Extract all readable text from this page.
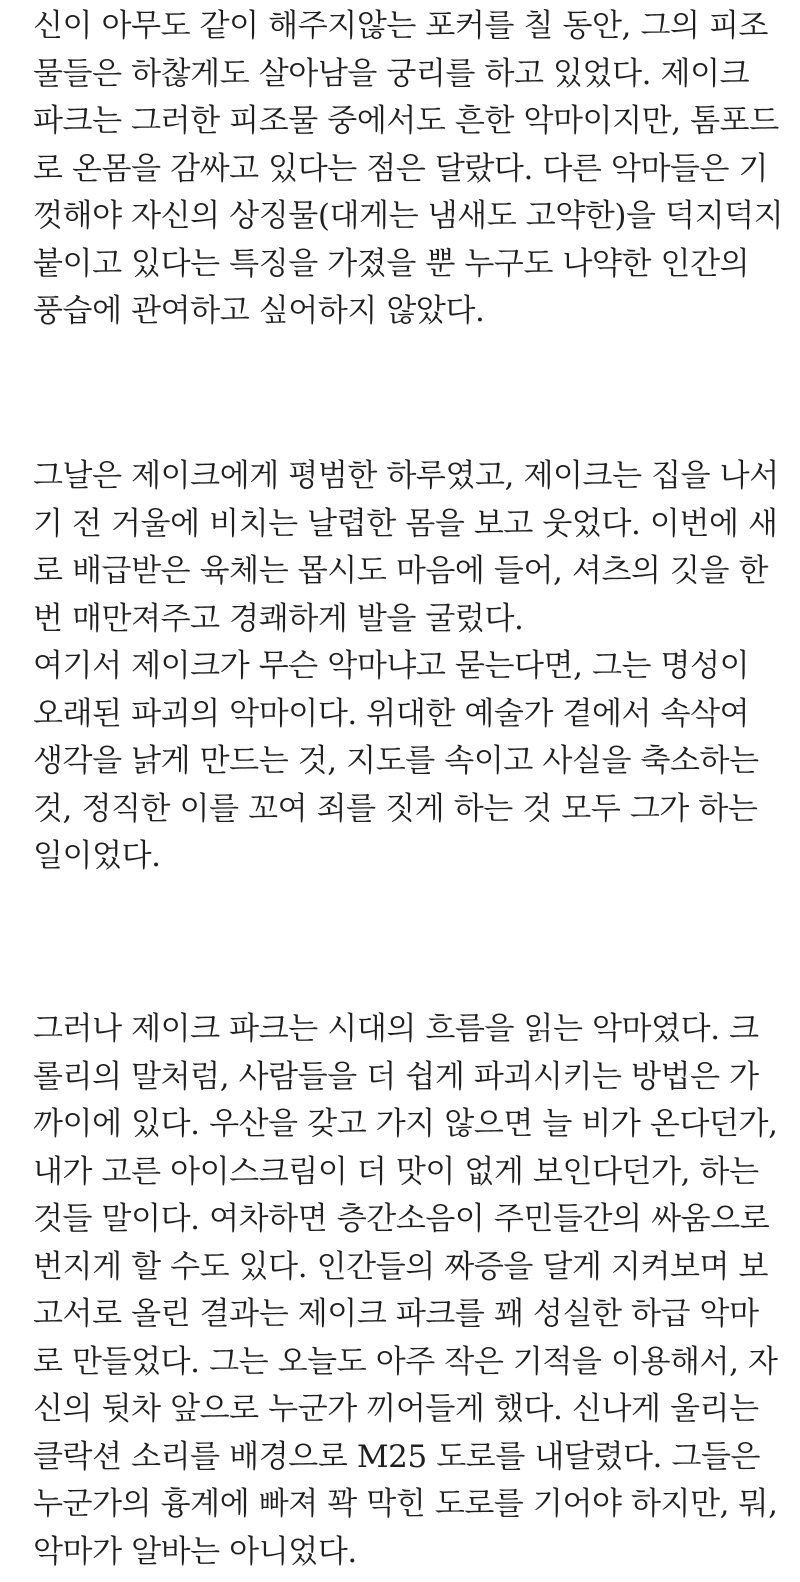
신이 아무도 같이 해주지않는 포커를 칠 동안, 그의 피조
물들은 하찮게도 살아남을 궁리를 하고 있었다. 제이크
파크는 그러한 피조물 중에서도 흔한 악마이지만, 톰포드
로 온몸을 감싸고 있다는 점은 달랐다. 다른 악마들은 기
껏해야 자신의 상징물(대게는 냄새도 고약한)을 덕지덕지
붙이고 있다는 특징을 가졌을 뿐 누구도 나약한 인간의
풍습에 관여하고 싶어하지 않았다.
그날은 제이크에게 평범한 하루였고, 제이크는 집을 나서
기 전 거울에 비치는 날렵한 몸을 보고 웃었다. 이번에 새
로 배급받은 육체는 몹시도 마음에 들어, 셔츠의 깃을 한
번 매만져주고 경쾌하게 발을 굴렀다.
여기서 제이크가 무슨 악마냐고 묻는다면, 그는 명성이
오래된 파괴의 악마이다. 위대한 예술가 곁에서 속삭여
생각을 낡게 만드는 것, 지도를 속이고 사실을 축소하는
것, 정직한 이를 꼬여 죄를 짓게 하는 것 모두 그가 하는
일이었다.
그러나 제이크 파크는 시대의 흐름을 읽는 악마였다. 크
롤리의 말처럼, 사람들을 더 쉽게 파괴시키는 방법은 가
까이에 있다. 우산을 갖고 가지 않으면 늘 비가 온다던가,
내가 고른 아이스크림이 더 맛이 없게 보인다던가, 하는
것들 말이다. 여차하면 층간소음이 주민들간의 싸움으로
번지게 할 수도 있다. 인간들의 짜증을 달게 지켜보며 보
고서로 올린 결과는 제이크 파크를 꽤 성실한 하급 악마
로 만들었다. 그는 오늘도 아주 작은 기적을 이용해서, 자
신의 뒷차 앞으로 누군가 끼어들게 했다. 신나게 울리는
클락션 소리를 배경으로 M25 도로를 내달렸다. 그들은
누군가의 흉계에 빠져 꽉 막힌 도로를 기어야 하지만, 뭐,
악마가 알바는 아니었다.
